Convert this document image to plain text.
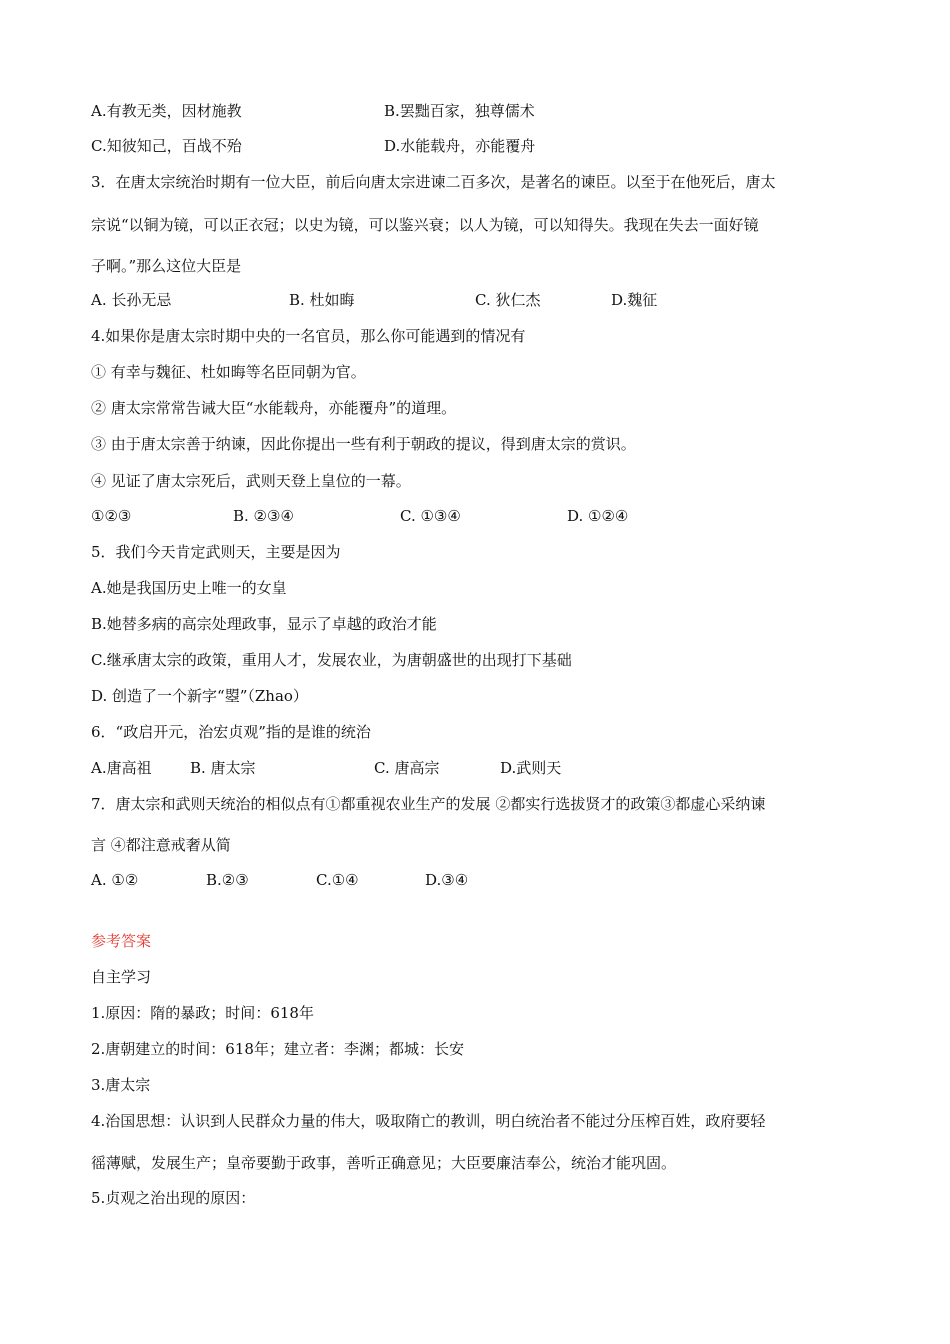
A.有教无类，因材施教	B.罢黜百家，独尊儒术
C.知彼知己，百战不殆	D.水能载舟，亦能覆舟
3．在唐太宗统治时期有一位大臣，前后向唐太宗进谏二百多次，是著名的谏臣。以至于在他死后，唐太
宗说“以铜为镜，可以正衣冠；以史为镜，可以鉴兴衰；以人为镜，可以知得失。我现在失去一面好镜
子啊。”那么这位大臣是
A. 长孙无忌	B. 杜如晦	C. 狄仁杰	D.魏征
4.如果你是唐太宗时期中央的一名官员，那么你可能遇到的情况有
① 有幸与魏征、杜如晦等名臣同朝为官。
② 唐太宗常常告诫大臣“水能载舟，亦能覆舟”的道理。
③ 由于唐太宗善于纳谏，因此你提出一些有利于朝政的提议，得到唐太宗的赏识。
④ 见证了唐太宗死后，武则天登上皇位的一幕。
①②③	B. ②③④	C. ①③④	D. ①②④
5．我们今天肯定武则天，主要是因为
A.她是我国历史上唯一的女皇
B.她替多病的高宗处理政事，显示了卓越的政治才能
C.继承唐太宗的政策，重用人才，发展农业，为唐朝盛世的出现打下基础
D. 创造了一个新字“曌”（Zhao）
6．“政启开元，治宏贞观”指的是谁的统治
A.唐高祖	B. 唐太宗	C. 唐高宗	D.武则天
7．唐太宗和武则天统治的相似点有①都重视农业生产的发展 ②都实行选拔贤才的政策③都虚心采纳谏
言 ④都注意戒奢从简
A. ①②	B.②③	C.①④	D.③④
参考答案
自主学习
1.原因：隋的暴政；时间：618年
2.唐朝建立的时间：618年；建立者：李渊；都城：长安
3.唐太宗
4.治国思想：认识到人民群众力量的伟大，吸取隋亡的教训，明白统治者不能过分压榨百姓，政府要轻
徭薄赋，发展生产；皇帝要勤于政事，善听正确意见；大臣要廉洁奉公，统治才能巩固。
5.贞观之治出现的原因：
